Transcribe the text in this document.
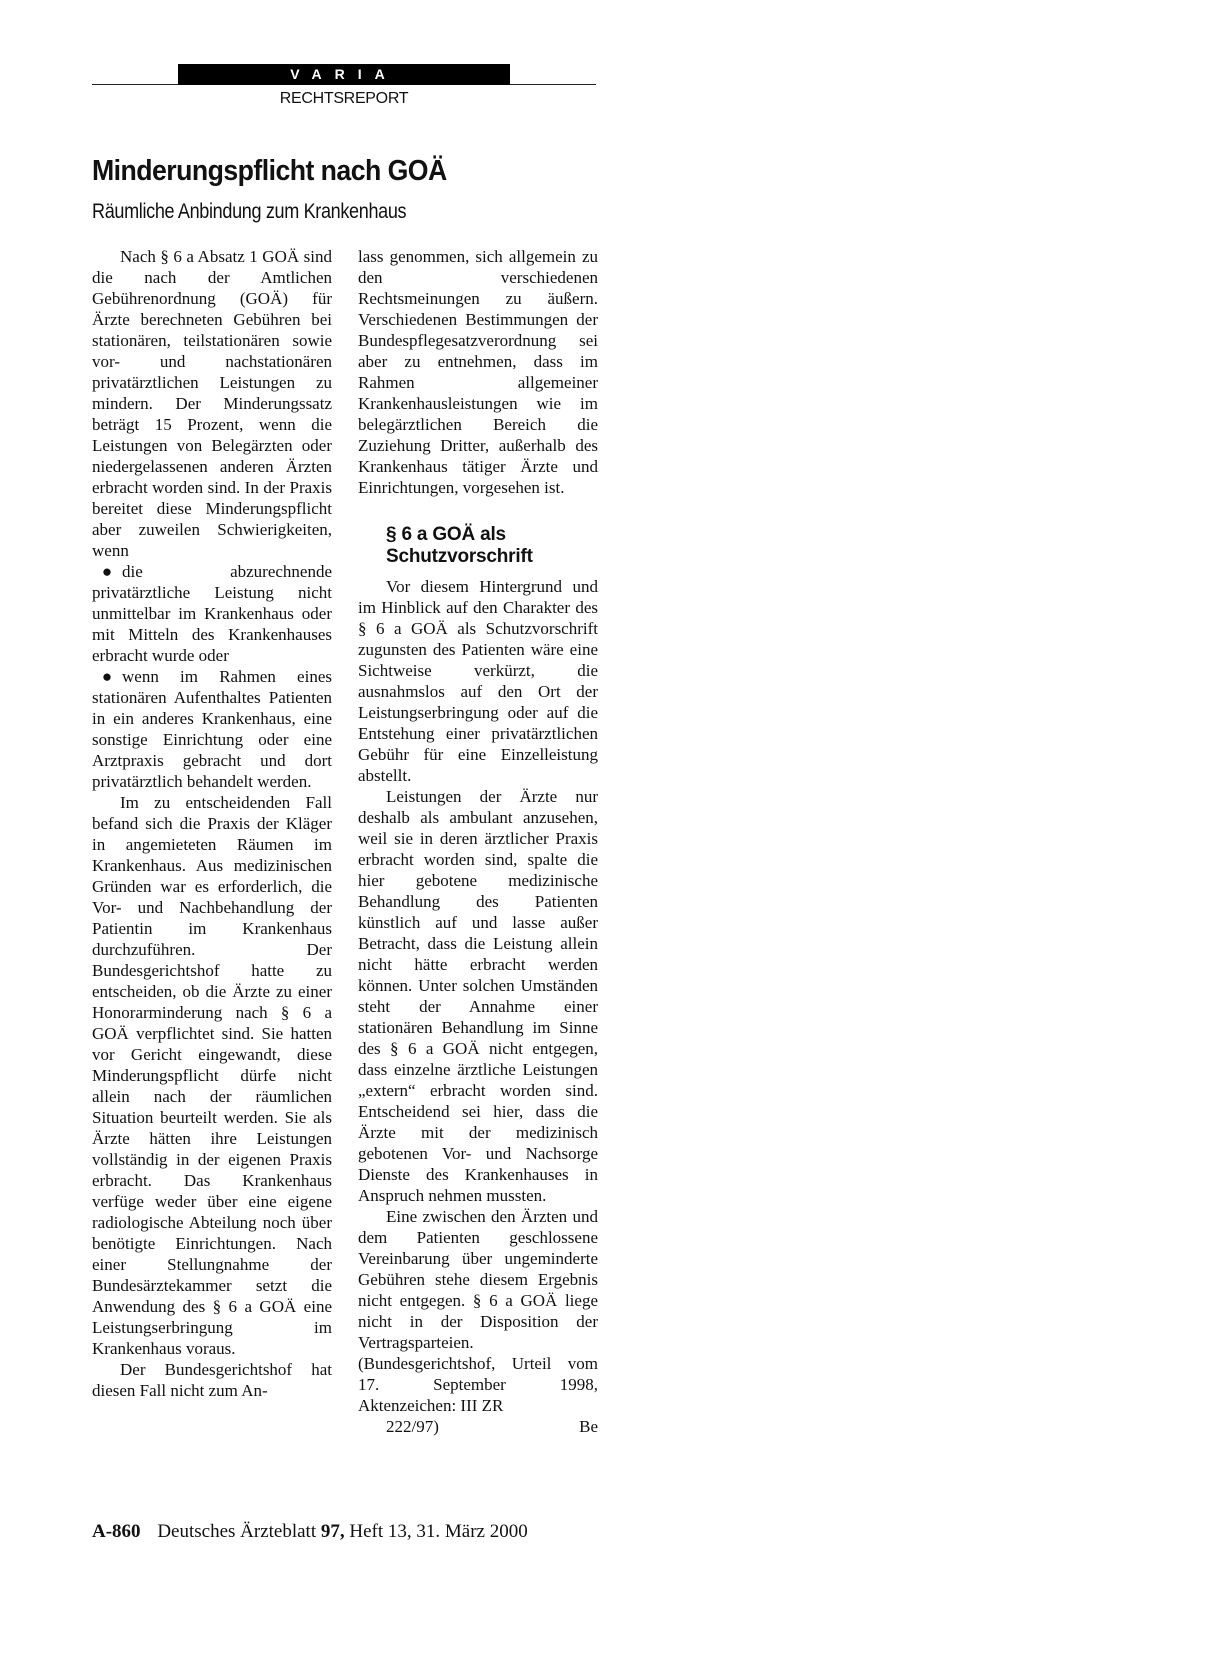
VARIA
RECHTSREPORT
Minderungspflicht nach GOÄ
Räumliche Anbindung zum Krankenhaus

Nach § 6 a Absatz 1 GOÄ sind die nach der Amtlichen Gebührenordnung (GOÄ) für Ärzte berechneten Gebühren bei stationären, teilstationären sowie vor- und nachstationären privatärztlichen Leistungen zu mindern. Der Minderungssatz beträgt 15 Prozent, wenn die Leistungen von Belegärzten oder niedergelassenen anderen Ärzten erbracht worden sind. In der Praxis bereitet diese Minderungspflicht aber zuweilen Schwierigkeiten, wenn

● die abzurechnende privatärztliche Leistung nicht unmittelbar im Krankenhaus oder mit Mitteln des Krankenhauses erbracht wurde oder

● wenn im Rahmen eines stationären Aufenthaltes Patienten in ein anderes Krankenhaus, eine sonstige Einrichtung oder eine Arztpraxis gebracht und dort privatärztlich behandelt werden.

Im zu entscheidenden Fall befand sich die Praxis der Kläger in angemieteten Räumen im Krankenhaus. Aus medizinischen Gründen war es erforderlich, die Vor- und Nachbehandlung der Patientin im Krankenhaus durchzuführen. Der Bundesgerichtshof hatte zu entscheiden, ob die Ärzte zu einer Honorarminderung nach § 6 a GOÄ verpflichtet sind. Sie hatten vor Gericht eingewandt, diese Minderungspflicht dürfe nicht allein nach der räumlichen Situation beurteilt werden. Sie als Ärzte hätten ihre Leistungen vollständig in der eigenen Praxis erbracht. Das Krankenhaus verfüge weder über eine eigene radiologische Abteilung noch über benötigte Einrichtungen. Nach einer Stellungnahme der Bundesärztekammer setzt die Anwendung des § 6 a GOÄ eine Leistungserbringung im Krankenhaus voraus.

Der Bundesgerichtshof hat diesen Fall nicht zum An-

lass genommen, sich allgemein zu den verschiedenen Rechtsmeinungen zu äußern. Verschiedenen Bestimmungen der Bundespflegesatzverordnung sei aber zu entnehmen, dass im Rahmen allgemeiner Krankenhausleistungen wie im belegärztlichen Bereich die Zuziehung Dritter, außerhalb des Krankenhaus tätiger Ärzte und Einrichtungen, vorgesehen ist.

§ 6 a GOÄ als Schutzvorschrift

Vor diesem Hintergrund und im Hinblick auf den Charakter des § 6 a GOÄ als Schutzvorschrift zugunsten des Patienten wäre eine Sichtweise verkürzt, die ausnahmslos auf den Ort der Leistungserbringung oder auf die Entstehung einer privatärztlichen Gebühr für eine Einzelleistung abstellt.

Leistungen der Ärzte nur deshalb als ambulant anzusehen, weil sie in deren ärztlicher Praxis erbracht worden sind, spalte die hier gebotene medizinische Behandlung des Patienten künstlich auf und lasse außer Betracht, dass die Leistung allein nicht hätte erbracht werden können. Unter solchen Umständen steht der Annahme einer stationären Behandlung im Sinne des § 6 a GOÄ nicht entgegen, dass einzelne ärztliche Leistungen „extern“ erbracht worden sind. Entscheidend sei hier, dass die Ärzte mit der medizinisch gebotenen Vor- und Nachsorge Dienste des Krankenhauses in Anspruch nehmen mussten.

Eine zwischen den Ärzten und dem Patienten geschlossene Vereinbarung über ungeminderte Gebühren stehe diesem Ergebnis nicht entgegen. § 6 a GOÄ liege nicht in der Disposition der Vertragsparteien. (Bundesgerichtshof, Urteil vom 17. September 1998, Aktenzeichen: III ZR

222/97)	Be

A-860 Deutsches Ärzteblatt 97, Heft 13, 31. März 2000
